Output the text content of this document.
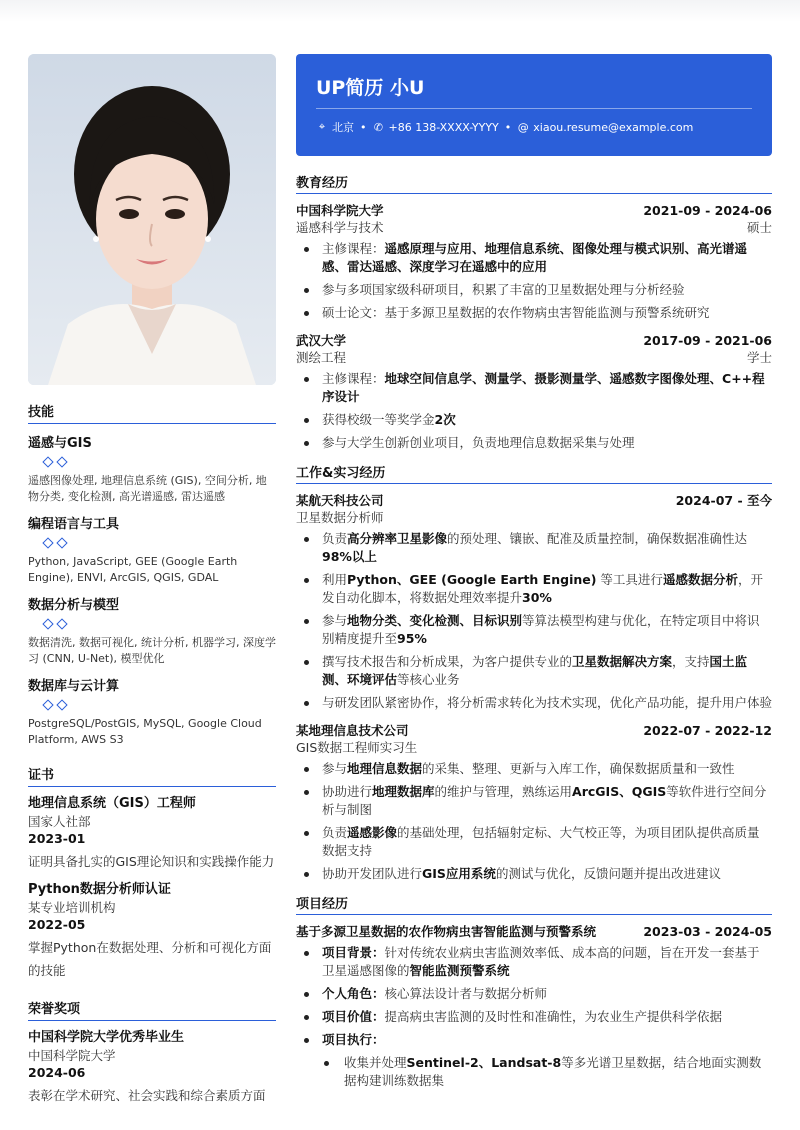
技能
遥感与GIS
遥感图像处理, 地理信息系统 (GIS), 空间分析, 地物分类, 变化检测, 高光谱遥感, 雷达遥感
编程语言与工具
Python, JavaScript, GEE (Google Earth Engine), ENVI, ArcGIS, QGIS, GDAL
数据分析与模型
数据清洗, 数据可视化, 统计分析, 机器学习, 深度学习 (CNN, U-Net), 模型优化
数据库与云计算
PostgreSQL/PostGIS, MySQL, Google Cloud Platform, AWS S3
证书
地理信息系统（GIS）工程师
国家人社部
2023-01
证明具备扎实的GIS理论知识和实践操作能力
Python数据分析师认证
某专业培训机构
2022-05
掌握Python在数据处理、分析和可视化方面的技能
荣誉奖项
中国科学院大学优秀毕业生
中国科学院大学
2024-06
表彰在学术研究、社会实践和综合素质方面
UP简历 小U
⌖ 北京 • ✆ +86 138-XXXX-YYYY • @ xiaou.resume@example.com
教育经历
中国科学院大学	2021-09 - 2024-06
遥感科学与技术	硕士
主修课程：遥感原理与应用、地理信息系统、图像处理与模式识别、高光谱遥感、雷达遥感、深度学习在遥感中的应用
参与多项国家级科研项目，积累了丰富的卫星数据处理与分析经验
硕士论文：基于多源卫星数据的农作物病虫害智能监测与预警系统研究
武汉大学	2017-09 - 2021-06
测绘工程	学士
主修课程：地球空间信息学、测量学、摄影测量学、遥感数字图像处理、C++程序设计
获得校级一等奖学金2次
参与大学生创新创业项目，负责地理信息数据采集与处理
工作&实习经历
某航天科技公司	2024-07 - 至今
卫星数据分析师
负责高分辨率卫星影像的预处理、镶嵌、配准及质量控制，确保数据准确性达98%以上
利用Python、GEE (Google Earth Engine) 等工具进行遥感数据分析，开发自动化脚本，将数据处理效率提升30%
参与地物分类、变化检测、目标识别等算法模型构建与优化，在特定项目中将识别精度提升至95%
撰写技术报告和分析成果，为客户提供专业的卫星数据解决方案，支持国土监测、环境评估等核心业务
与研发团队紧密协作，将分析需求转化为技术实现，优化产品功能，提升用户体验
某地理信息技术公司	2022-07 - 2022-12
GIS数据工程师实习生
参与地理信息数据的采集、整理、更新与入库工作，确保数据质量和一致性
协助进行地理数据库的维护与管理，熟练运用ArcGIS、QGIS等软件进行空间分析与制图
负责遥感影像的基础处理，包括辐射定标、大气校正等，为项目团队提供高质量数据支持
协助开发团队进行GIS应用系统的测试与优化，反馈问题并提出改进建议
项目经历
基于多源卫星数据的农作物病虫害智能监测与预警系统	2023-03 - 2024-05
项目背景：针对传统农业病虫害监测效率低、成本高的问题，旨在开发一套基于卫星遥感图像的智能监测预警系统
个人角色：核心算法设计者与数据分析师
项目价值：提高病虫害监测的及时性和准确性，为农业生产提供科学依据
项目执行：
收集并处理Sentinel-2、Landsat-8等多光谱卫星数据，结合地面实测数据构建训练数据集
